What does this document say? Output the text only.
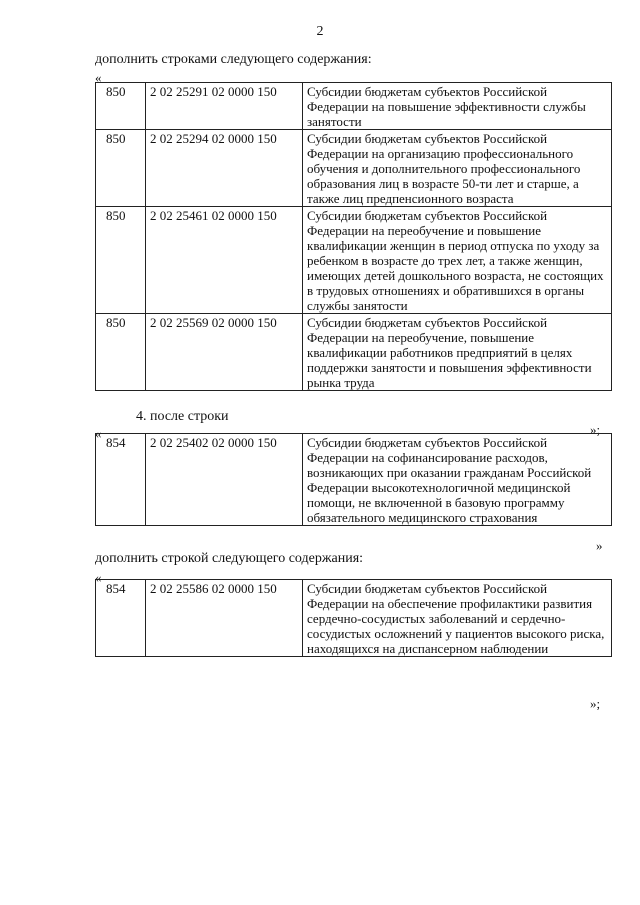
2
дополнить строками следующего содержания:
«
850	2 02 25291 02 0000 150	Субсидии бюджетам субъектов Российской Федерации на повышение эффективности службы занятости
850	2 02 25294 02 0000 150	Субсидии бюджетам субъектов Российской Федерации на организацию профессионального обучения и дополнительного профессионального образования лиц в возрасте 50-ти лет и старше, а также лиц предпенсионного возраста
850	2 02 25461 02 0000 150	Субсидии бюджетам субъектов Российской Федерации на переобучение и повышение квалификации женщин в период отпуска по уходу за ребенком в возрасте до трех лет, а также женщин, имеющих детей дошкольного возраста, не состоящих в трудовых отношениях и обратившихся в органы службы занятости
850	2 02 25569 02 0000 150	Субсидии бюджетам субъектов Российской Федерации на переобучение, повышение квалификации работников предприятий в целях поддержки занятости и повышения эффективности рынка труда
»;
4. после строки
«
854	2 02 25402 02 0000 150	Субсидии бюджетам субъектов Российской Федерации на софинансирование расходов, возникающих при оказании гражданам Российской Федерации высокотехнологичной медицинской помощи, не включенной в базовую программу обязательного медицинского страхования
»
дополнить строкой следующего содержания:
«
854	2 02 25586 02 0000 150	Субсидии бюджетам субъектов Российской Федерации на обеспечение профилактики развития сердечно-сосудистых заболеваний и сердечно-сосудистых осложнений у пациентов высокого риска, находящихся на диспансерном наблюдении
»;
